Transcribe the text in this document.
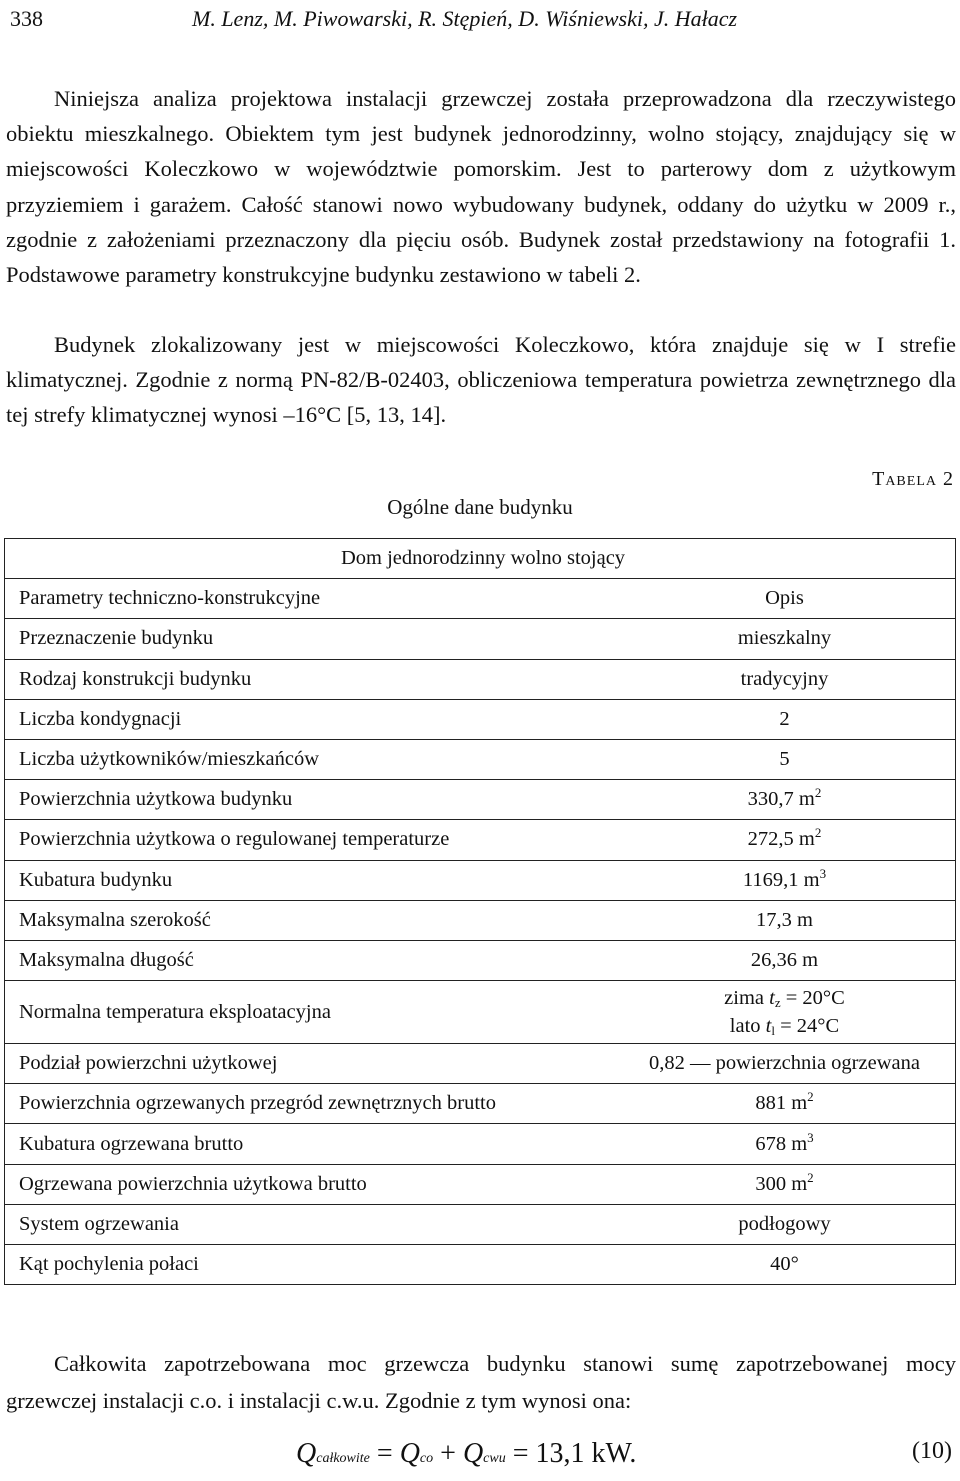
338	M. Lenz, M. Piwowarski, R. Stępień, D. Wiśniewski, J. Hałacz

Niniejsza analiza projektowa instalacji grzewczej została przeprowadzona dla rzeczywistego obiektu mieszkalnego. Obiektem tym jest budynek jednorodzinny, wolno stojący, znajdujący się w miejscowości Koleczkowo w województwie pomorskim. Jest to parterowy dom z użytkowym przyziemiem i garażem. Całość stanowi nowo wybudowany budynek, oddany do użytku w 2009 r., zgodnie z założeniami przeznaczony dla pięciu osób. Budynek został przedstawiony na fotografii 1. Podstawowe parametry konstrukcyjne budynku zestawiono w tabeli 2.

Budynek zlokalizowany jest w miejscowości Koleczkowo, która znajduje się w I strefie klimatycznej. Zgodnie z normą PN-82/B-02403, obliczeniowa temperatura powietrza zewnętrznego dla tej strefy klimatycznej wynosi –16°C [5, 13, 14].

Tabela 2
Ogólne dane budynku
Dom jednorodzinny wolno stojący	
Parametry techniczno-konstrukcyjne	Opis
Przeznaczenie budynku	mieszkalny
Rodzaj konstrukcji budynku	tradycyjny
Liczba kondygnacji	2
Liczba użytkowników/mieszkańców	5
Powierzchnia użytkowa budynku	330,7 $m^2$
Powierzchnia użytkowa o regulowanej temperaturze	272,5 $m^2$
Kubatura budynku	1169,1 $m^3$
Maksymalna szerokość	17,3 m
Maksymalna długość	26,36 m
Normalna temperatura eksploatacyjna	zima $t_z = 20^\circ C$
lato $t_l = 24^\circ C$

Podział powierzchni użytkowej	0,82 — powierzchnia ogrzewana
Powierzchnia ogrzewanych przegród zewnętrznych brutto	881 $m^2$
Kubatura ogrzewana brutto	678 $m^3$
Ogrzewana powierzchnia użytkowa brutto	300 $m^2$
System ogrzewania	podłogowy
Kąt pochylenia połaci	40°

Całkowita zapotrzebowana moc grzewcza budynku stanowi sumę zapotrzebowanej mocy grzewczej instalacji c.o. i instalacji c.w.u. Zgodnie z tym wynosi ona:

Qcałkowite = Qco + Qcwu = 13,1 kW.	(10)
